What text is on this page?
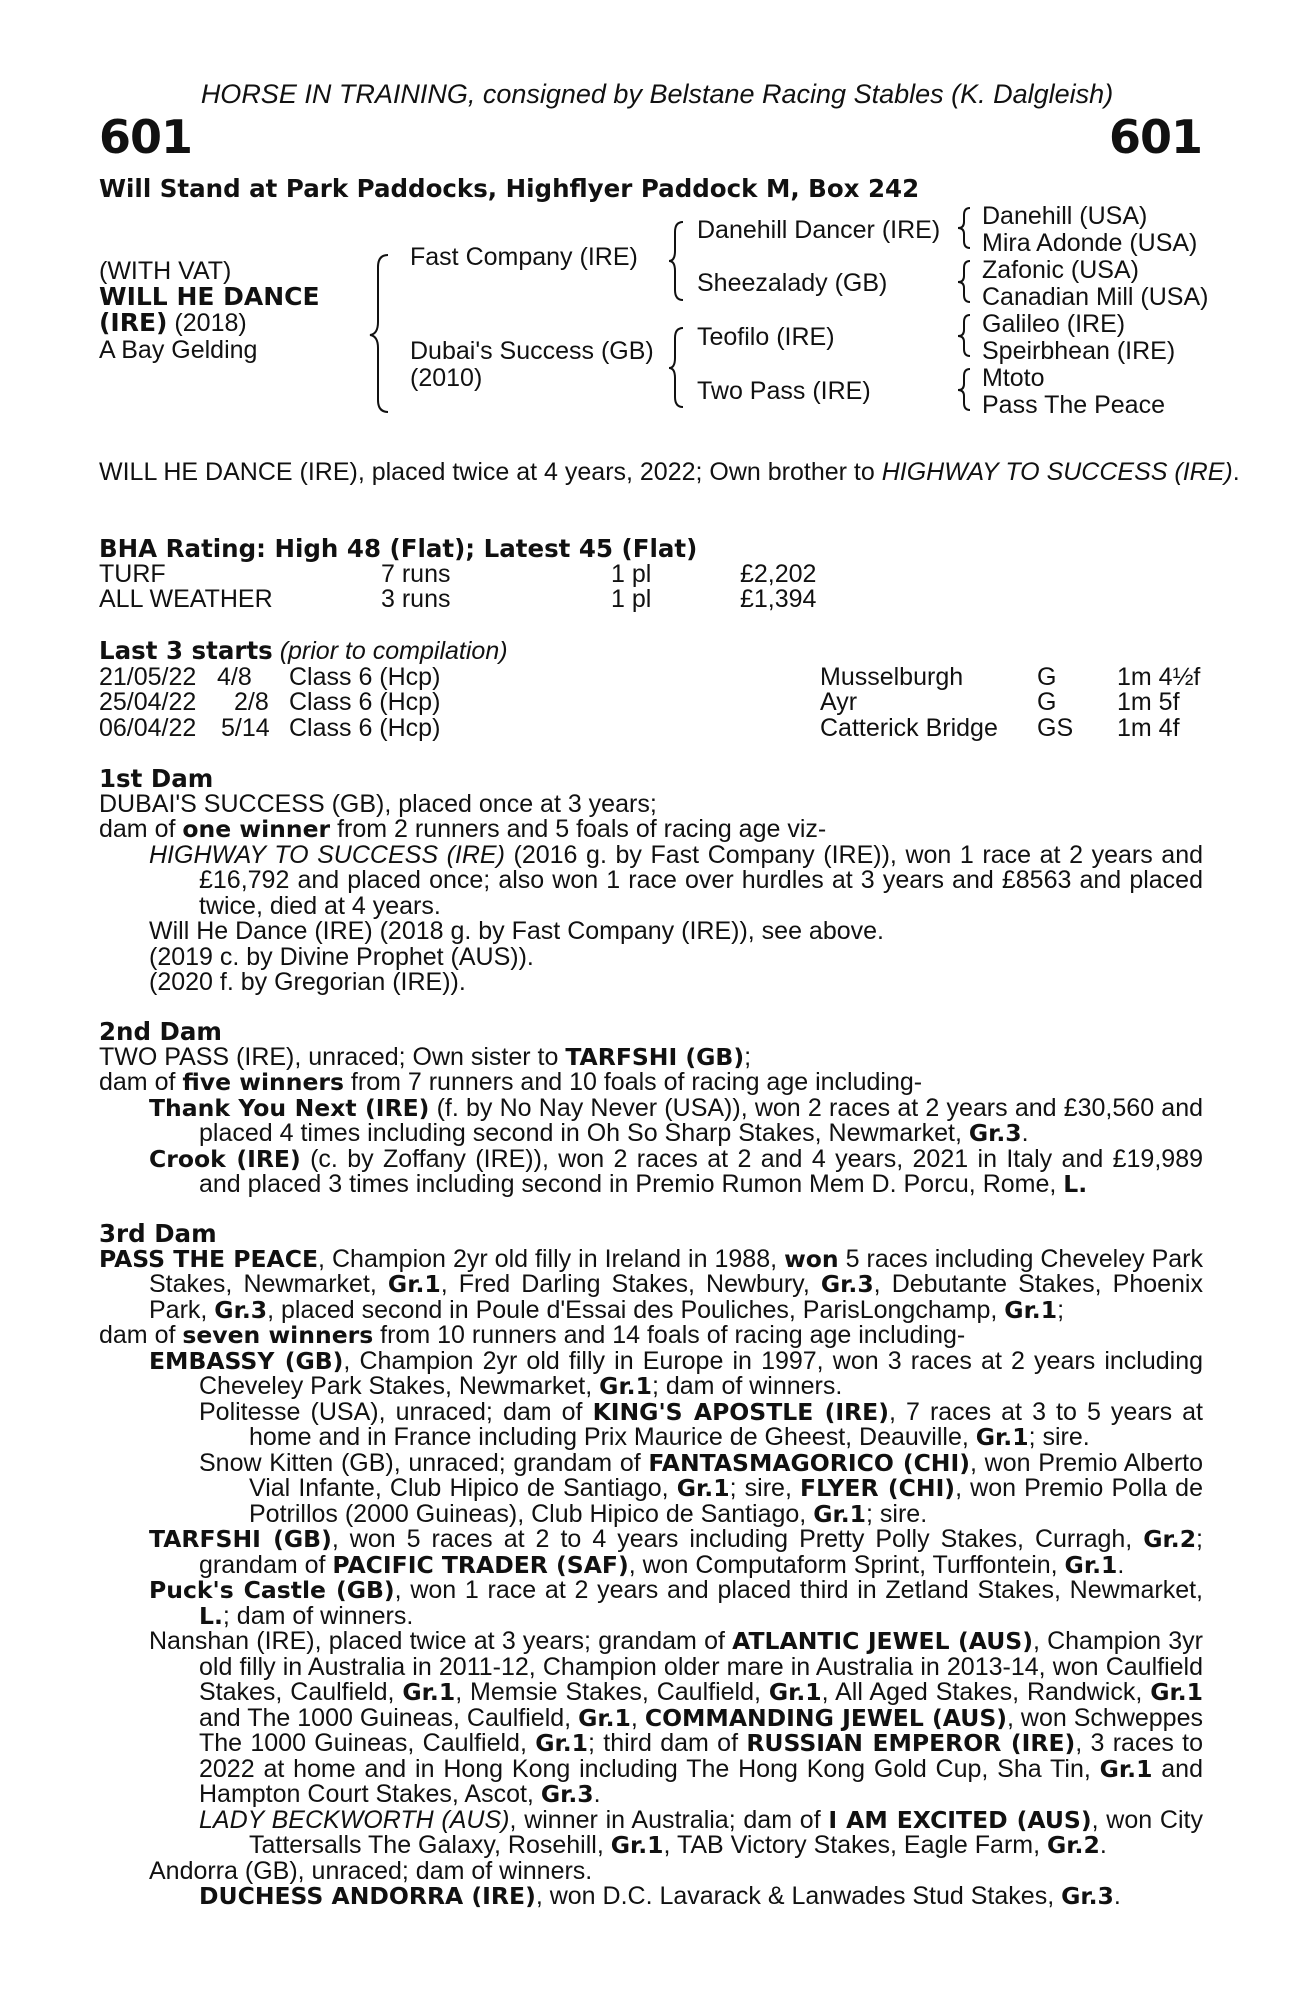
HORSE IN TRAINING, consigned by Belstane Racing Stables (K. Dalgleish)
601	601
Will Stand at Park Paddocks, Highflyer Paddock M, Box 242
(WITH VAT)
WILL HE DANCE
(IRE) (2018)
A Bay Gelding
Fast Company (IRE)
Dubai's Success (GB)
(2010)
Danehill Dancer (IRE)
Sheezalady (GB)
Teofilo (IRE)
Two Pass (IRE)
Danehill (USA)
Mira Adonde (USA)
Zafonic (USA)
Canadian Mill (USA)
Galileo (IRE)
Speirbhean (IRE)
Mtoto
Pass The Peace
WILL HE DANCE (IRE), placed twice at 4 years, 2022; Own brother to HIGHWAY TO SUCCESS (IRE).
BHA Rating: High 48 (Flat); Latest 45 (Flat)
TURF	7 runs	1 pl	£2,202
ALL WEATHER	3 runs	1 pl	£1,394
Last 3 starts (prior to compilation)
21/05/22 4/8 Class 6 (Hcp)	Musselburgh	G 1m 4½f
25/04/22 2/8 Class 6 (Hcp)	Ayr	G 1m 5f
06/04/22 5/14 Class 6 (Hcp)	Catterick Bridge GS 1m 4f
1st Dam

DUBAI'S SUCCESS (GB), placed once at 3 years;

dam of one winner from 2 runners and 5 foals of racing age viz-

HIGHWAY TO SUCCESS (IRE) (2016 g. by Fast Company (IRE)), won 1 race at 2 years and £16,792 and placed once; also won 1 race over hurdles at 3 years and £8563 and placed twice, died at 4 years.

Will He Dance (IRE) (2018 g. by Fast Company (IRE)), see above.

(2019 c. by Divine Prophet (AUS)).

(2020 f. by Gregorian (IRE)).

2nd Dam

TWO PASS (IRE), unraced; Own sister to TARFSHI (GB);

dam of five winners from 7 runners and 10 foals of racing age including-

Thank You Next (IRE) (f. by No Nay Never (USA)), won 2 races at 2 years and £30,560 and placed 4 times including second in Oh So Sharp Stakes, Newmarket, Gr.3.

Crook (IRE) (c. by Zoffany (IRE)), won 2 races at 2 and 4 years, 2021 in Italy and £19,989 and placed 3 times including second in Premio Rumon Mem D. Porcu, Rome, L.

3rd Dam

PASS THE PEACE, Champion 2yr old filly in Ireland in 1988, won 5 races including Cheveley Park Stakes, Newmarket, Gr.1, Fred Darling Stakes, Newbury, Gr.3, Debutante Stakes, Phoenix Park, Gr.3, placed second in Poule d'Essai des Pouliches, ParisLongchamp, Gr.1;

dam of seven winners from 10 runners and 14 foals of racing age including-

EMBASSY (GB), Champion 2yr old filly in Europe in 1997, won 3 races at 2 years including Cheveley Park Stakes, Newmarket, Gr.1; dam of winners.

Politesse (USA), unraced; dam of KING'S APOSTLE (IRE), 7 races at 3 to 5 years at home and in France including Prix Maurice de Gheest, Deauville, Gr.1; sire.

Snow Kitten (GB), unraced; grandam of FANTASMAGORICO (CHI), won Premio Alberto Vial Infante, Club Hipico de Santiago, Gr.1; sire, FLYER (CHI), won Premio Polla de Potrillos (2000 Guineas), Club Hipico de Santiago, Gr.1; sire.

TARFSHI (GB), won 5 races at 2 to 4 years including Pretty Polly Stakes, Curragh, Gr.2; grandam of PACIFIC TRADER (SAF), won Computaform Sprint, Turffontein, Gr.1.

Puck's Castle (GB), won 1 race at 2 years and placed third in Zetland Stakes, Newmarket, L.; dam of winners.

Nanshan (IRE), placed twice at 3 years; grandam of ATLANTIC JEWEL (AUS), Champion 3yr old filly in Australia in 2011-12, Champion older mare in Australia in 2013-14, won Caulfield Stakes, Caulfield, Gr.1, Memsie Stakes, Caulfield, Gr.1, All Aged Stakes, Randwick, Gr.1 and The 1000 Guineas, Caulfield, Gr.1, COMMANDING JEWEL (AUS), won Schweppes The 1000 Guineas, Caulfield, Gr.1; third dam of RUSSIAN EMPEROR (IRE), 3 races to 2022 at home and in Hong Kong including The Hong Kong Gold Cup, Sha Tin, Gr.1 and Hampton Court Stakes, Ascot, Gr.3.

LADY BECKWORTH (AUS), winner in Australia; dam of I AM EXCITED (AUS), won City Tattersalls The Galaxy, Rosehill, Gr.1, TAB Victory Stakes, Eagle Farm, Gr.2.

Andorra (GB), unraced; dam of winners.

DUCHESS ANDORRA (IRE), won D.C. Lavarack & Lanwades Stud Stakes, Gr.3.
